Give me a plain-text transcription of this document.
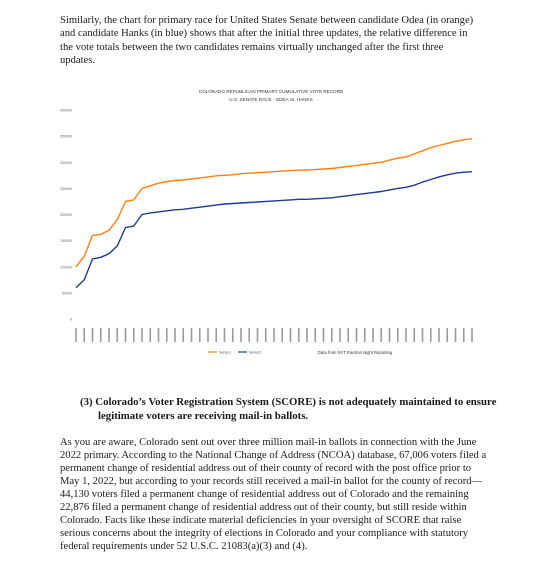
Similarly, the chart for primary race for United States Senate between candidate Odea (in orange) and candidate Hanks (in blue) shows that after the initial three updates, the relative difference in the vote totals between the two candidates remains virtually unchanged after the first three updates.

COLORADO REPUBLICAN PRIMARY CUMULATIVE VOTE RECORD
U.S. SENATE RACE - ODEA vs. HANKS
0
50000
100000
150000
200000
250000
300000
350000
400000
Series1	Series2	Data from NYT Election Night Reporting

(3) Colorado’s Voter Registration System (SCORE) is not adequately maintained to ensure legitimate voters are receiving mail-in ballots.

As you are aware, Colorado sent out over three million mail-in ballots in connection with the June 2022 primary. According to the National Change of Address (NCOA) database, 67,006 voters filed a permanent change of residential address out of their county of record with the post office prior to May 1, 2022, but according to your records still received a mail-in ballot for the county of record—44,130 voters filed a permanent change of residential address out of Colorado and the remaining 22,876 filed a permanent change of residential address out of their county, but still reside within Colorado. Facts like these indicate material deficiencies in your oversight of SCORE that raise serious concerns about the integrity of elections in Colorado and your compliance with statutory federal requirements under 52 U.S.C. 21083(a)(3) and (4).
